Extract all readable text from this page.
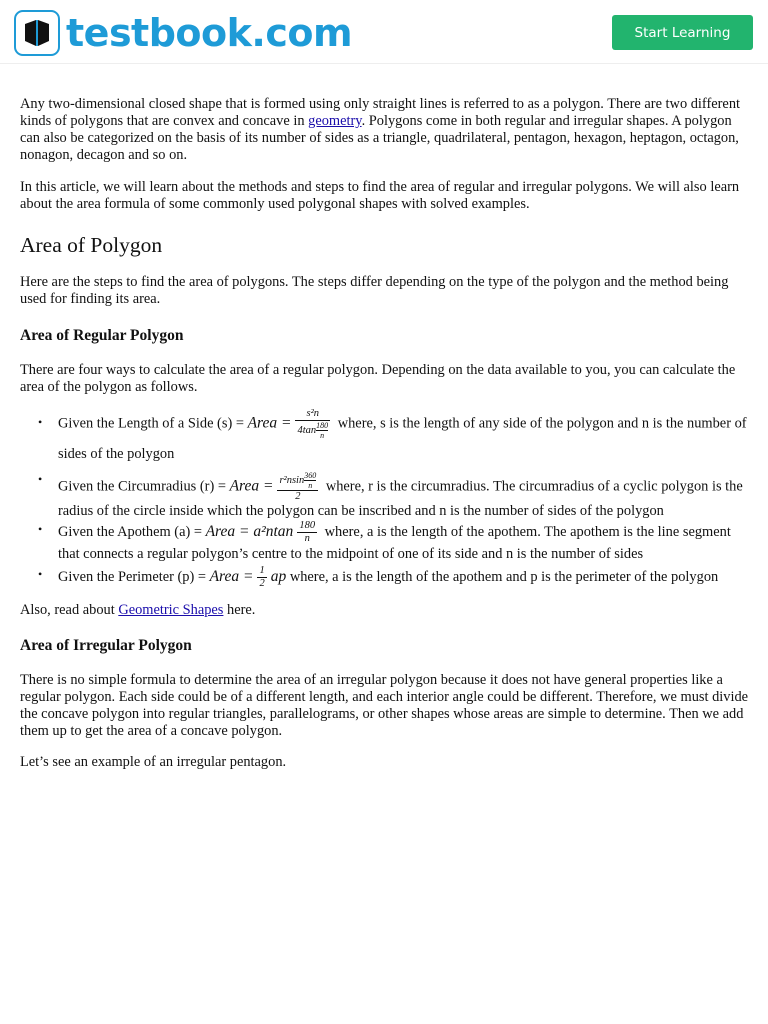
testbook.com	Start Learning

Any two-dimensional closed shape that is formed using only straight lines is referred to as a polygon. There are two different kinds of polygons that are convex and concave in geometry. Polygons come in both regular and irregular shapes. A polygon can also be categorized on the basis of its number of sides as a triangle, quadrilateral, pentagon, hexagon, heptagon, octagon, nonagon, decagon and so on.

In this article, we will learn about the methods and steps to find the area of regular and irregular polygons. We will also learn about the area formula of some commonly used polygonal shapes with solved examples.

Area of Polygon

Here are the steps to find the area of polygons. The steps differ depending on the type of the polygon and the method being used for finding its area.

Area of Regular Polygon

There are four ways to calculate the area of a regular polygon. Depending on the data available to you, you can calculate the area of the polygon as follows.

• Given the Length of a Side (s) = Area = $\frac{\text{s²n}}{4\tan \frac{180}{n}}$ where, s is the length of any side of the polygon and n is the number of sides of the polygon
• Given the Circumradius (r) = Area = $\frac{r^2nsin \frac{360}{n}}{2}$ where, r is the circumradius. The circumradius of a cyclic polygon is the radius of the circle inside which the polygon can be inscribed and n is the number of sides of the polygon
• Given the Apothem (a) = Area = $a^2ntan \frac{180}{n}$ where, a is the length of the apothem. The apothem is the line segment that connects a regular polygon’s centre to the midpoint of one of its side and n is the number of sides
• Given the Perimeter (p) = Area = $\frac{1}{2}$ ap where, a is the length of the apothem and p is the perimeter of the polygon

Also, read about Geometric Shapes here.

Area of Irregular Polygon

There is no simple formula to determine the area of an irregular polygon because it does not have general properties like a regular polygon. Each side could be of a different length, and each interior angle could be different. Therefore, we must divide the concave polygon into regular triangles, parallelograms, or other shapes whose areas are simple to determine. Then we add them up to get the area of a concave polygon.

Let’s see an example of an irregular pentagon.
